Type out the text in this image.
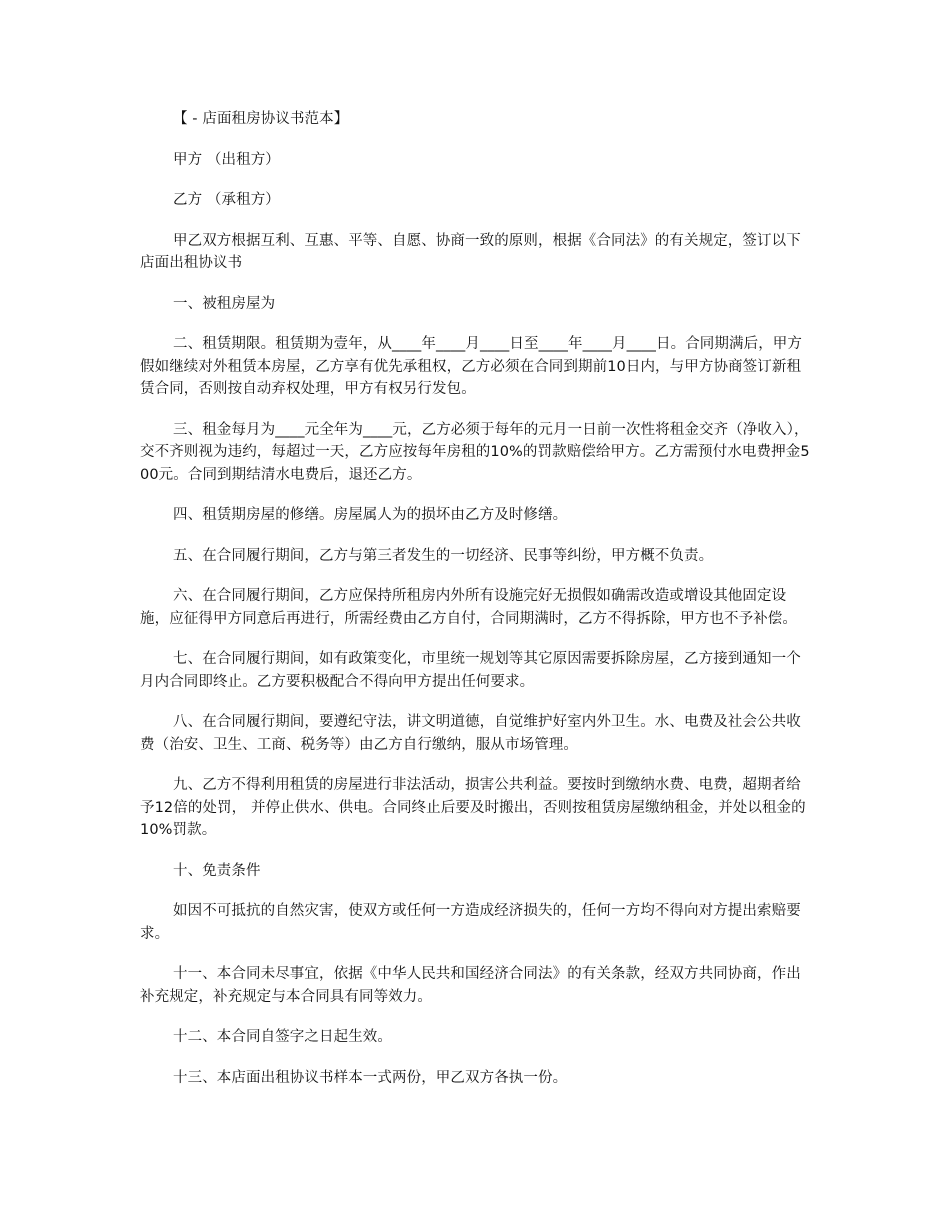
【 - 店面租房协议书范本】

甲方 （出租方）

乙方 （承租方）

甲乙双方根据互利、互惠、平等、自愿、协商一致的原则，根据《合同法》的有关规定，签订以下店面出租协议书

一、被租房屋为

二、租赁期限。租赁期为壹年，从____年____月____日至____年____月____日。合同期满后，甲方假如继续对外租赁本房屋，乙方享有优先承租权，乙方必须在合同到期前10日内，与甲方协商签订新租赁合同，否则按自动弃权处理，甲方有权另行发包。

三、租金每月为____元全年为____元，乙方必须于每年的元月一日前一次性将租金交齐（净收入），交不齐则视为违约，每超过一天，乙方应按每年房租的10%的罚款赔偿给甲方。乙方需预付水电费押金500元。合同到期结清水电费后，退还乙方。

四、租赁期房屋的修缮。房屋属人为的损坏由乙方及时修缮。

五、在合同履行期间，乙方与第三者发生的一切经济、民事等纠纷，甲方概不负责。

六、在合同履行期间，乙方应保持所租房内外所有设施完好无损假如确需改造或增设其他固定设施，应征得甲方同意后再进行，所需经费由乙方自付，合同期满时，乙方不得拆除，甲方也不予补偿。

七、在合同履行期间，如有政策变化，市里统一规划等其它原因需要拆除房屋，乙方接到通知一个月内合同即终止。乙方要积极配合不得向甲方提出任何要求。

八、在合同履行期间，要遵纪守法，讲文明道德，自觉维护好室内外卫生。水、电费及社会公共收费（治安、卫生、工商、税务等）由乙方自行缴纳，服从市场管理。

九、乙方不得利用租赁的房屋进行非法活动，损害公共利益。要按时到缴纳水费、电费，超期者给予12倍的处罚， 并停止供水、供电。合同终止后要及时搬出，否则按租赁房屋缴纳租金，并处以租金的10%罚款。

十、免责条件

如因不可抵抗的自然灾害，使双方或任何一方造成经济损失的，任何一方均不得向对方提出索赔要求。

十一、本合同未尽事宜，依据《中华人民共和国经济合同法》的有关条款，经双方共同协商，作出补充规定，补充规定与本合同具有同等效力。

十二、本合同自签字之日起生效。

十三、本店面出租协议书样本一式两份，甲乙双方各执一份。
